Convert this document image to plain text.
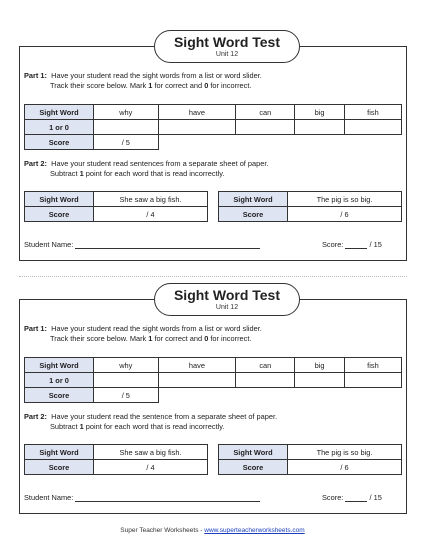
Sight Word Test
Unit 12
Part 1: Have your student read the sight words from a list or word slider.
Track their score below. Mark 1 for correct and 0 for incorrect.
Sight Word	why	have	can	big	fish
1 or 0					
Score	/ 5				
Part 2: Have your student read sentences from a separate sheet of paper.
Subtract 1 point for each word that is read incorrectly.
Sight Word	She saw a big fish.
Score	/ 4
Sight Word	The pig is so big.
Score	/ 6
Student Name:	Score:	/ 15
Sight Word Test
Unit 12
Part 1: Have your student read the sight words from a list or word slider.
Track their score below. Mark 1 for correct and 0 for incorrect.
Sight Word	why	have	can	big	fish
1 or 0					
Score	/ 5				
Part 2: Have your student read the sentence from a separate sheet of paper.
Subtract 1 point for each word that is read incorrectly.
Sight Word	She saw a big fish.
Score	/ 4
Sight Word	The pig is so big.
Score	/ 6
Student Name:	Score:	/ 15
Super Teacher Worksheets - www.superteacherworksheets.com
